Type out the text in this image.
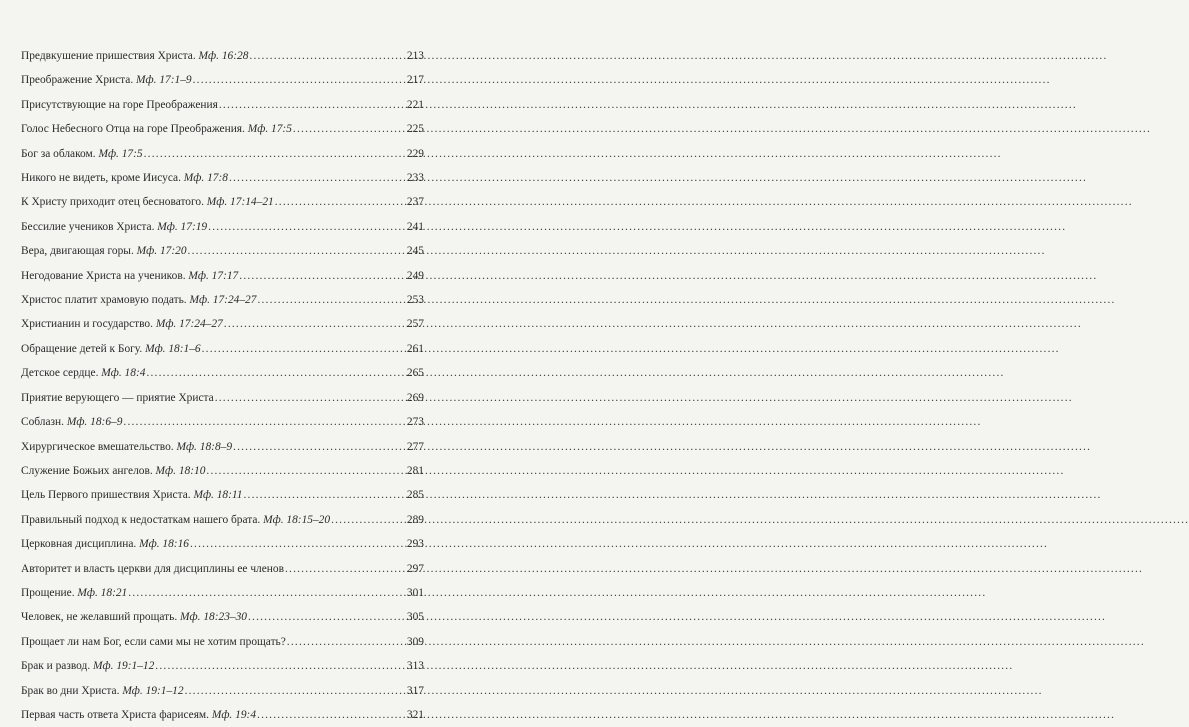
Предвкушение пришествия Христа. Мф. 16:28 .....	213
Преображение Христа. Мф. 17:1–9 .....	217
Присутствующие на горе Преображения .....	221
Голос Небесного Отца на горе Преображения. Мф. 17:5 .....	225
Бог за облаком. Мф. 17:5 .....	229
Никого не видеть, кроме Иисуса. Мф. 17:8 .....	233
К Христу приходит отец бесноватого. Мф. 17:14–21 .....	237
Бессилие учеников Христа. Мф. 17:19 .....	241
Вера, двигающая горы. Мф. 17:20 .....	245
Негодование Христа на учеников. Мф. 17:17 .....	249
Христос платит храмовую подать. Мф. 17:24–27 .....	253
Христианин и государство. Мф. 17:24–27 .....	257
Обращение детей к Богу. Мф. 18:1–6 .....	261
Детское сердце. Мф. 18:4 .....	265
Приятие верующего — приятие Христа .....	269
Соблазн. Мф. 18:6–9 .....	273
Хирургическое вмешательство. Мф. 18:8–9 .....	277
Служение Божьих ангелов. Мф. 18:10 .....	281
Цель Первого пришествия Христа. Мф. 18:11 .....	285
Правильный подход к недостаткам нашего брата. Мф. 18:15–20 .....	289
Церковная дисциплина. Мф. 18:16 .....	293
Авторитет и власть церкви для дисциплины ее членов .....	297
Прощение. Мф. 18:21 .....	301
Человек, не желавший прощать. Мф. 18:23–30 .....	305
Прощает ли нам Бог, если сами мы не хотим прощать? .....	309
Брак и развод. Мф. 19:1–12 .....	313
Брак во дни Христа. Мф. 19:1–12 .....	317
Первая часть ответа Христа фарисеям. Мф. 19:4 .....	321
